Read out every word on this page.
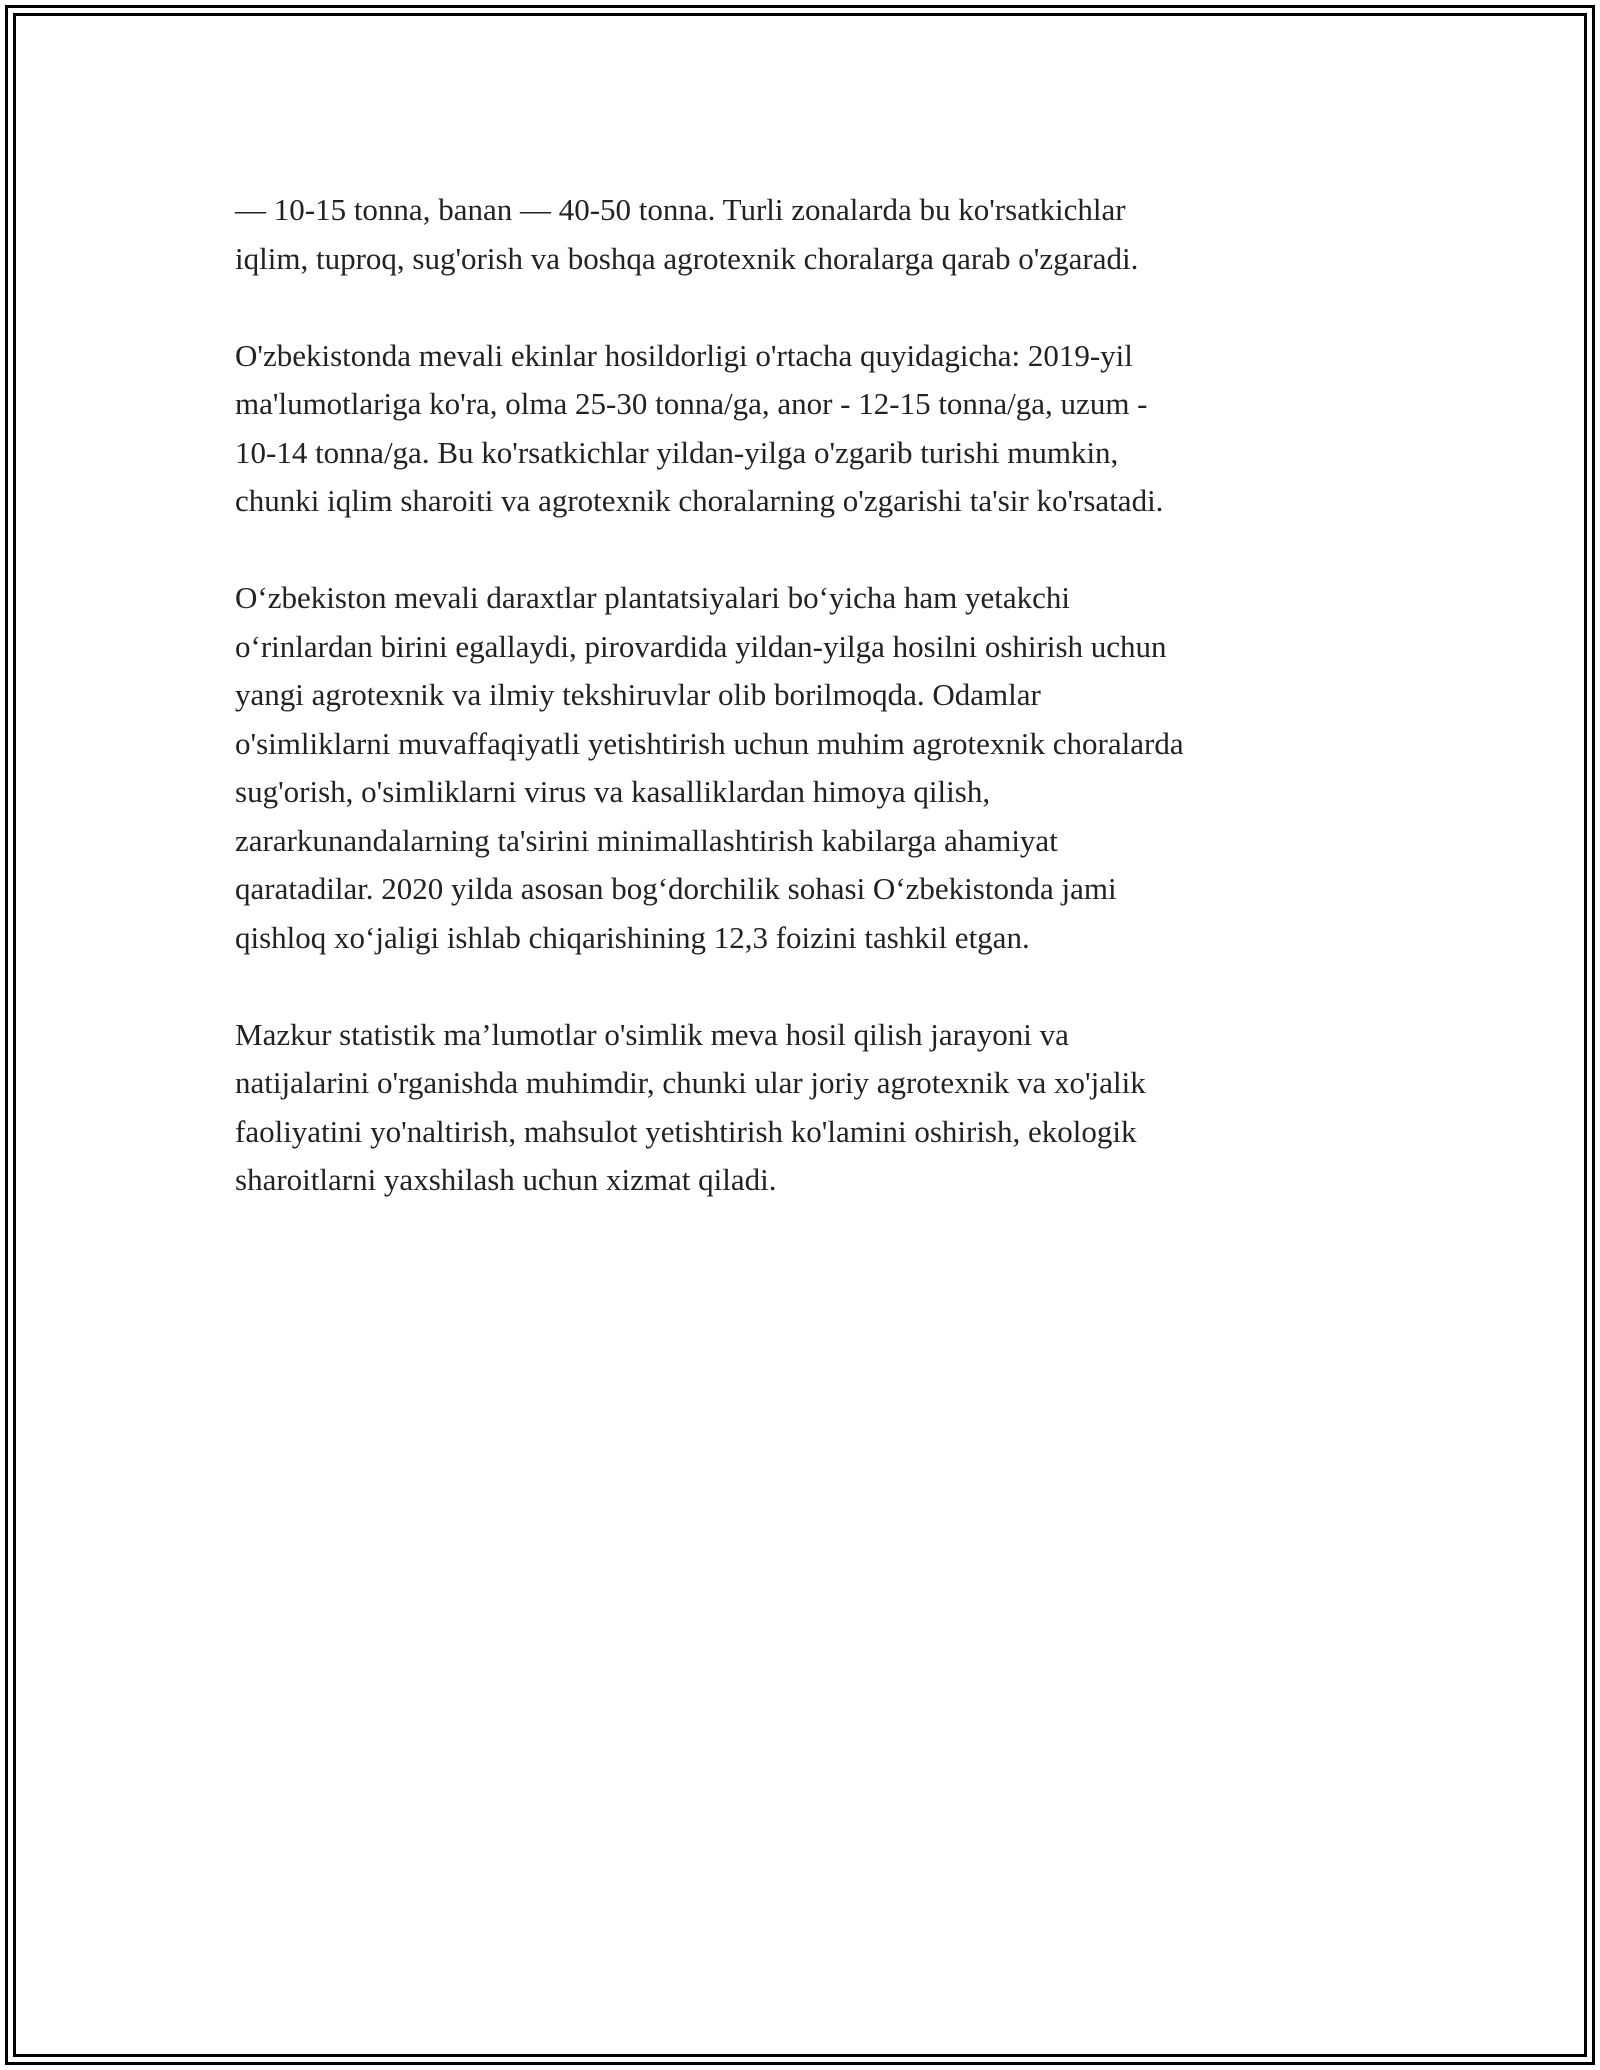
— 10-15 tonna, banan — 40-50 tonna. Turli zonalarda bu ko'rsatkichlar
iqlim, tuproq, sug'orish va boshqa agrotexnik choralarga qarab o'zgaradi.

O'zbekistonda mevali ekinlar hosildorligi o'rtacha quyidagicha: 2019-yil
ma'lumotlariga ko'ra, olma 25-30 tonna/ga, anor - 12-15 tonna/ga, uzum -
10-14 tonna/ga. Bu ko'rsatkichlar yildan-yilga o'zgarib turishi mumkin,
chunki iqlim sharoiti va agrotexnik choralarning o'zgarishi ta'sir ko'rsatadi.

O‘zbekiston mevali daraxtlar plantatsiyalari bo‘yicha ham yetakchi
o‘rinlardan birini egallaydi, pirovardida yildan-yilga hosilni oshirish uchun
yangi agrotexnik va ilmiy tekshiruvlar olib borilmoqda. Odamlar
o'simliklarni muvaffaqiyatli yetishtirish uchun muhim agrotexnik choralarda
sug'orish, o'simliklarni virus va kasalliklardan himoya qilish,
zararkunandalarning ta'sirini minimallashtirish kabilarga ahamiyat
qaratadilar. 2020 yilda asosan bog‘dorchilik sohasi O‘zbekistonda jami
qishloq xo‘jaligi ishlab chiqarishining 12,3 foizini tashkil etgan.

Mazkur statistik ma’lumotlar o'simlik meva hosil qilish jarayoni va
natijalarini o'rganishda muhimdir, chunki ular joriy agrotexnik va xo'jalik
faoliyatini yo'naltirish, mahsulot yetishtirish ko'lamini oshirish, ekologik
sharoitlarni yaxshilash uchun xizmat qiladi.
